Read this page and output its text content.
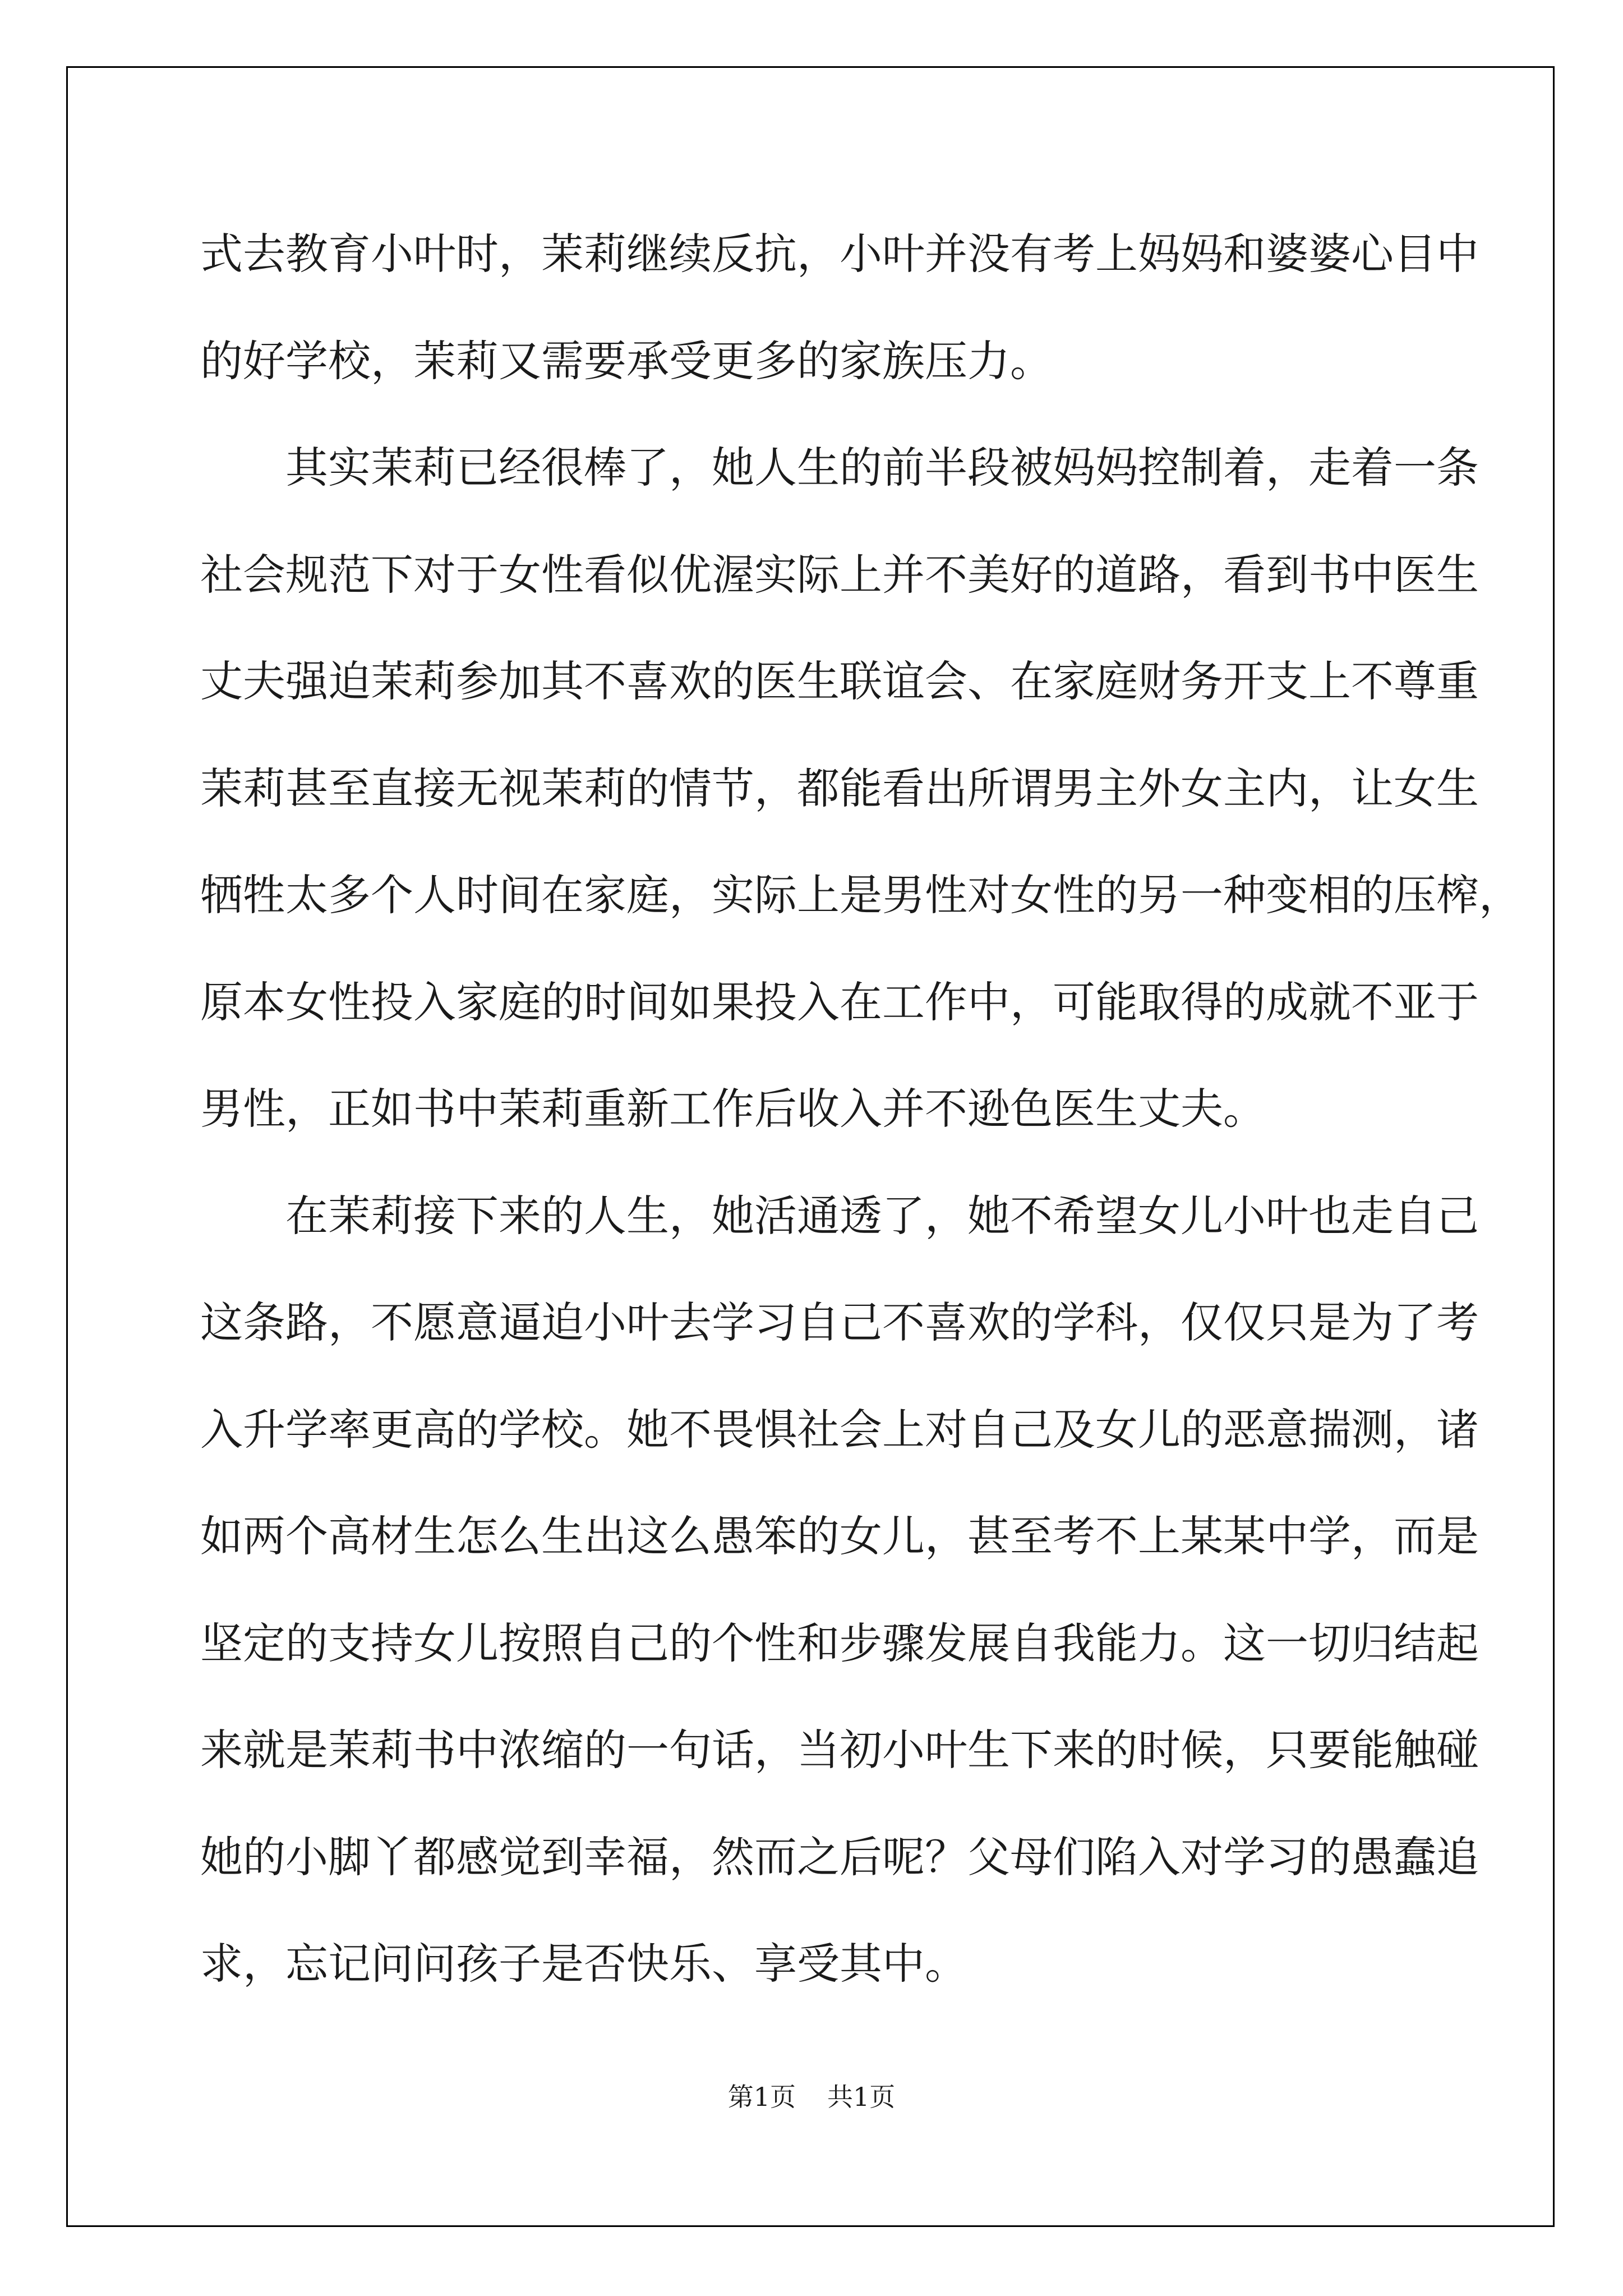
式去教育小叶时，茉莉继续反抗，小叶并没有考上妈妈和婆婆心目中
的好学校，茉莉又需要承受更多的家族压力。
其实茉莉已经很棒了，她人生的前半段被妈妈控制着，走着一条
社会规范下对于女性看似优渥实际上并不美好的道路，看到书中医生
丈夫强迫茉莉参加其不喜欢的医生联谊会、在家庭财务开支上不尊重
茉莉甚至直接无视茉莉的情节，都能看出所谓男主外女主内，让女生
牺牲太多个人时间在家庭，实际上是男性对女性的另一种变相的压榨，
原本女性投入家庭的时间如果投入在工作中，可能取得的成就不亚于
男性，正如书中茉莉重新工作后收入并不逊色医生丈夫。
在茉莉接下来的人生，她活通透了，她不希望女儿小叶也走自己
这条路，不愿意逼迫小叶去学习自己不喜欢的学科，仅仅只是为了考
入升学率更高的学校。她不畏惧社会上对自己及女儿的恶意揣测，诸
如两个高材生怎么生出这么愚笨的女儿，甚至考不上某某中学，而是
坚定的支持女儿按照自己的个性和步骤发展自我能力。这一切归结起
来就是茉莉书中浓缩的一句话，当初小叶生下来的时候，只要能触碰
她的小脚丫都感觉到幸福，然而之后呢？父母们陷入对学习的愚蠢追
求，忘记问问孩子是否快乐、享受其中。
第1页 共1页
